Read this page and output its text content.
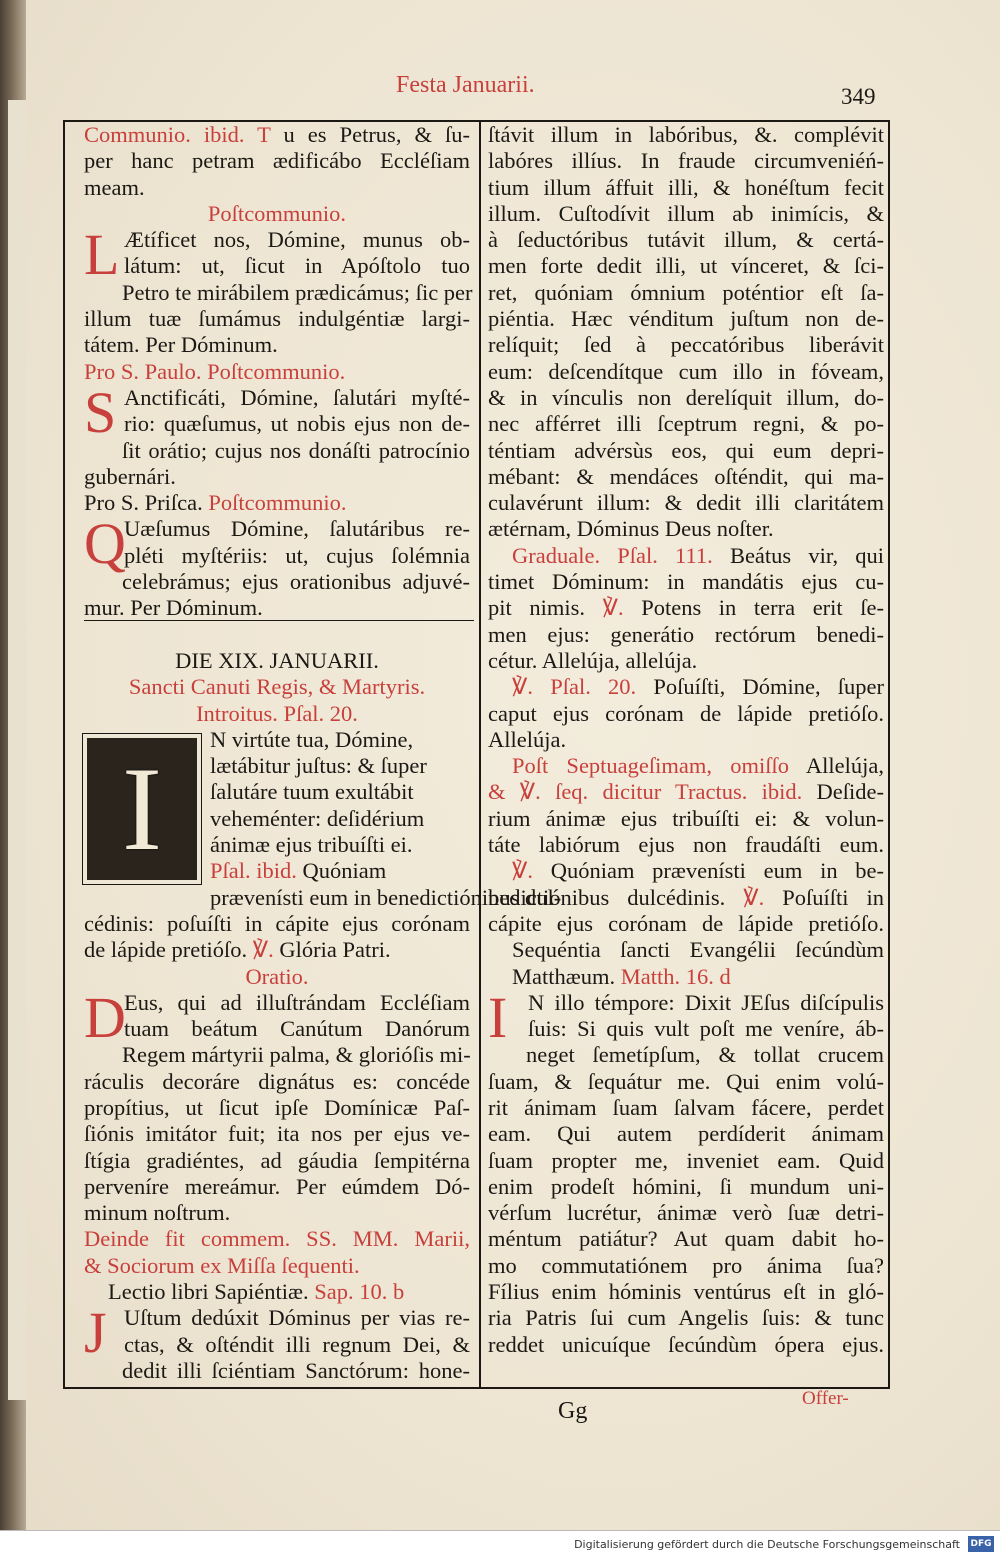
Festa Januarii.	349
Communio. ibid. T u es Petrus, & ſu-
per hanc petram ædificábo Eccléſiam
meam.
Poſtcommunio.
L Ætíficet nos, Dómine, munus ob-
látum: ut, ſicut in Apóſtolo tuo
Petro te mirábilem prædicámus; ſic per
illum tuæ ſumámus indulgéntiæ largi-
tátem. Per Dóminum.
Pro S. Paulo. Poſtcommunio.
S Anctificáti, Dómine, ſalutári myſté-
rio: quæſumus, ut nobis ejus non de-
ſit orátio; cujus nos donáſti patrocínio
gubernári.
Pro S. Priſca. Poſtcommunio.
Q
Uæſumus Dómine, ſalutáribus re-
pléti myſtériis: ut, cujus ſolémnia
celebrámus; ejus orationibus adjuvé-
mur. Per Dóminum.
DIE XIX. JANUARII.
Sancti Canuti Regis, & Martyris.
Introitus. Pſal. 20.
I
N virtúte tua, Dómine,
lætábitur juſtus: & ſuper
ſalutáre tuum exultábit
veheménter: deſidérium
ánimæ ejus tribuíſti ei.
Pſal. ibid. Quóniam
prævenísti eum in benedictiónibus dul-
cédinis: poſuíſti in cápite ejus corónam
de lápide pretióſo. ℣. Glória Patri.
Oratio.
D
Eus, qui ad illuſtrándam Eccléſiam
tuam beátum Canútum Danórum
Regem mártyrii palma, & glorióſis mi-
ráculis decoráre dignátus es: concéde
propítius, ut ſicut ipſe Domínicæ Paſ-
ſiónis imitátor fuit; ita nos per ejus ve-
ſtígia gradiéntes, ad gáudia ſempitérna
perveníre mereámur. Per eúmdem Dó-
minum noſtrum.
Deinde fit commem. SS. MM. Marii,
& Sociorum ex Miſſa ſequenti.
Lectio libri Sapiéntiæ. Sap. 10. b
J Uſtum dedúxit Dóminus per vias re-
ctas, & oſténdit illi regnum Dei, &
dedit illi ſciéntiam Sanctórum: hone-
ſtávit illum in labóribus, &. complévit
labóres illíus. In fraude circumveniéń-
tium illum áffuit illi, & honéſtum fecit
illum. Cuſtodívit illum ab inimícis, &
à ſeductóribus tutávit illum, & certá-
men forte dedit illi, ut vínceret, & ſci-
ret, quóniam ómnium poténtior eſt ſa-
piéntia. Hæc vénditum juſtum non de-
relíquit; ſed à peccatóribus liberávit
eum: deſcendítque cum illo in fóveam,
& in vínculis non derelíquit illum, do-
nec afférret illi ſceptrum regni, & po-
téntiam advérsùs eos, qui eum depri-
mébant: & mendáces oſténdit, qui ma-
culavérunt illum: & dedit illi claritátem
ætérnam, Dóminus Deus noſter.
Graduale. Pſal. 111. Beátus vir, qui
timet Dóminum: in mandátis ejus cu-
pit nimis. ℣. Potens in terra erit ſe-
men ejus: generátio rectórum benedi-
cétur. Allelúja, allelúja.
℣. Pſal. 20. Poſuíſti, Dómine, ſuper
caput ejus corónam de lápide pretióſo.
Allelúja.
Poſt Septuageſimam, omiſſo Allelúja,
& ℣. ſeq. dicitur Tractus. ibid. Deſide-
rium ánimæ ejus tribuíſti ei: & volun-
táte labiórum ejus non fraudáſti eum.
℣. Quóniam prævenísti eum in be-
nedictiónibus dulcédinis. ℣. Poſuíſti in
cápite ejus corónam de lápide pretióſo.
Sequéntia ſancti Evangélii ſecúndùm
Matthæum. Matth. 16. d
I N illo témpore: Dixit JEſus diſcípulis
ſuis: Si quis vult poſt me veníre, áb-
neget ſemetípſum, & tollat crucem
ſuam, & ſequátur me. Qui enim volú-
rit ánimam ſuam ſalvam fácere, perdet
eam. Qui autem perdíderit ánimam
ſuam propter me, inveniet eam. Quid
enim prodeſt hómini, ſi mundum uni-
vérſum lucrétur, ánimæ verò ſuæ detri-
méntum patiátur? Aut quam dabit ho-
mo commutatiónem pro ánima ſua?
Fílius enim hóminis ventúrus eſt in gló-
ria Patris ſui cum Angelis ſuis: & tunc
reddet unicuíque ſecúndùm ópera ejus.
Gg	Offer-
Digitalisierung gefördert durch die Deutsche Forschungsgemeinschaft DFG
